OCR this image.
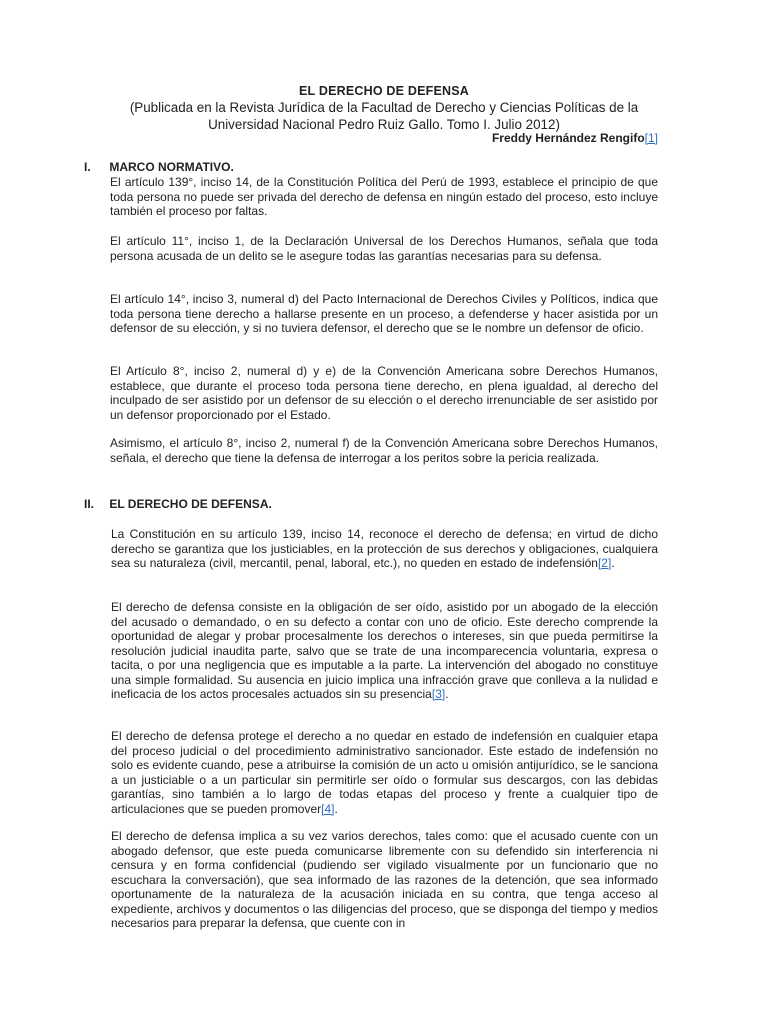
EL DERECHO DE DEFENSA
(Publicada en la Revista Jurídica de la Facultad de Derecho y Ciencias Políticas de la
Universidad Nacional Pedro Ruiz Gallo. Tomo I. Julio 2012)
Freddy Hernández Rengifo[1]
I. MARCO NORMATIVO.
El artículo 139°, inciso 14, de la Constitución Política del Perú de 1993, establece el principio de que toda persona no puede ser privada del derecho de defensa en ningún estado del proceso, esto incluye también el proceso por faltas.
El artículo 11°, inciso 1, de la Declaración Universal de los Derechos Humanos, señala que toda persona acusada de un delito se le asegure todas las garantías necesarias para su defensa.
El artículo 14°, inciso 3, numeral d) del Pacto Internacional de Derechos Civiles y Políticos, indica que toda persona tiene derecho a hallarse presente en un proceso, a defenderse y hacer asistida por un defensor de su elección, y si no tuviera defensor, el derecho que se le nombre un defensor de oficio.
El Artículo 8°, inciso 2, numeral d) y e) de la Convención Americana sobre Derechos Humanos, establece, que durante el proceso toda persona tiene derecho, en plena igualdad, al derecho del inculpado de ser asistido por un defensor de su elección o el derecho irrenunciable de ser asistido por un defensor proporcionado por el Estado.
Asimismo, el artículo 8°, inciso 2, numeral f) de la Convención Americana sobre Derechos Humanos, señala, el derecho que tiene la defensa de interrogar a los peritos sobre la pericia realizada.
II. EL DERECHO DE DEFENSA.
La Constitución en su artículo 139, inciso 14, reconoce el derecho de defensa; en virtud de dicho derecho se garantiza que los justiciables, en la protección de sus derechos y obligaciones, cualquiera sea su naturaleza (civil, mercantil, penal, laboral, etc.), no queden en estado de indefensión[2].
El derecho de defensa consiste en la obligación de ser oído, asistido por un abogado de la elección del acusado o demandado, o en su defecto a contar con uno de oficio. Este derecho comprende la oportunidad de alegar y probar procesalmente los derechos o intereses, sin que pueda permitirse la resolución judicial inaudita parte, salvo que se trate de una incomparecencia voluntaria, expresa o tacita, o por una negligencia que es imputable a la parte. La intervención del abogado no constituye una simple formalidad. Su ausencia en juicio implica una infracción grave que conlleva a la nulidad e ineficacia de los actos procesales actuados sin su presencia[3].
El derecho de defensa protege el derecho a no quedar en estado de indefensión en cualquier etapa del proceso judicial o del procedimiento administrativo sancionador. Este estado de indefensión no solo es evidente cuando, pese a atribuirse la comisión de un acto u omisión antijurídico, se le sanciona a un justiciable o a un particular sin permitirle ser oído o formular sus descargos, con las debidas garantías, sino también a lo largo de todas etapas del proceso y frente a cualquier tipo de articulaciones que se pueden promover[4].
El derecho de defensa implica a su vez varios derechos, tales como: que el acusado cuente con un abogado defensor, que este pueda comunicarse libremente con su defendido sin interferencia ni censura y en forma confidencial (pudiendo ser vigilado visualmente por un funcionario que no escuchara la conversación), que sea informado de las razones de la detención, que sea informado oportunamente de la naturaleza de la acusación iniciada en su contra, que tenga acceso al expediente, archivos y documentos o las diligencias del proceso, que se disponga del tiempo y medios necesarios para preparar la defensa, que cuente con in
